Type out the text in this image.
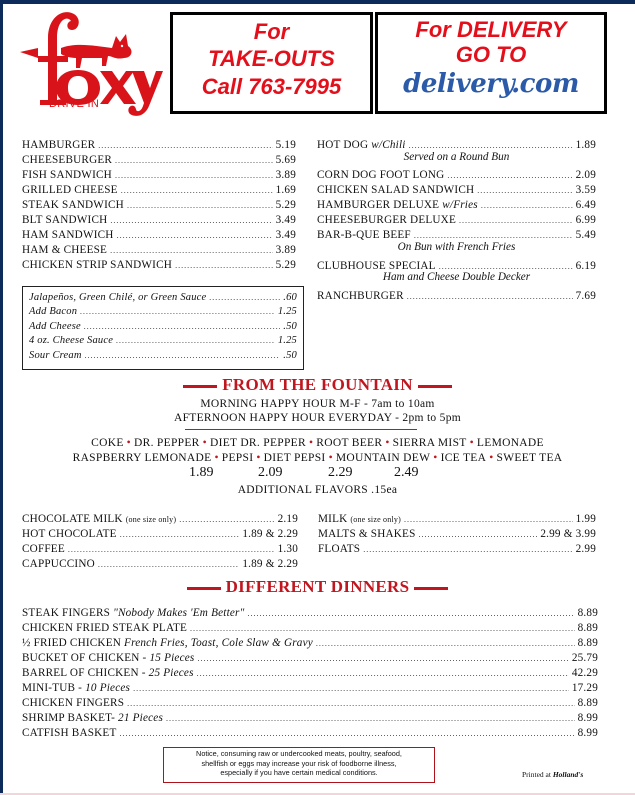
DRIVE IN
For
TAKE-OUTS
Call 763-7995
For DELIVERY
GO TO
delivery.com
HAMBURGER .....	5.19
CHEESEBURGER .....	5.69
FISH SANDWICH .....	3.89
GRILLED CHEESE .....	1.69
STEAK SANDWICH .....	5.29
BLT SANDWICH .....	3.49
HAM SANDWICH .....	3.49
HAM & CHEESE .....	3.89
CHICKEN STRIP SANDWICH .....	5.29
HOT DOG w/Chili .....	1.89
Served on a Round Bun
CORN DOG FOOT LONG .....	2.09
CHICKEN SALAD SANDWICH .....	3.59
HAMBURGER DELUXE w/Fries .....	6.49
CHEESEBURGER DELUXE .....	6.99
BAR-B-QUE BEEF .....	5.49
On Bun with French Fries
CLUBHOUSE SPECIAL .....	6.19
Ham and Cheese Double Decker
RANCHBURGER .....	7.69
Jalapeños, Green Chilé, or Green Sauce .....	.60
Add Bacon .....	1.25
Add Cheese .....	.50
4 oz. Cheese Sauce .....	1.25
Sour Cream .....	.50
FROM THE FOUNTAIN
MORNING HAPPY HOUR M-F - 7am to 10am
AFTERNOON HAPPY HOUR EVERYDAY - 2pm to 5pm
COKE • DR. PEPPER • DIET DR. PEPPER • ROOT BEER • SIERRA MIST • LEMONADE
RASPBERRY LEMONADE • PEPSI • DIET PEPSI • MOUNTAIN DEW • ICE TEA • SWEET TEA
1.89	2.09	2.29	2.49
ADDITIONAL FLAVORS .15ea
CHOCOLATE MILK (one size only) .....	2.19
HOT CHOCOLATE .....	1.89 & 2.29
COFFEE .....	1.30
CAPPUCCINO .....	1.89 & 2.29
MILK (one size only) .....	1.99
MALTS & SHAKES .....	2.99 & 3.99
FLOATS .....	2.99
DIFFERENT DINNERS
STEAK FINGERS "Nobody Makes 'Em Better" .....	8.89
CHICKEN FRIED STEAK PLATE .....	8.89
½ FRIED CHICKEN French Fries, Toast, Cole Slaw & Gravy .....	8.89
BUCKET OF CHICKEN - 15 Pieces .....	25.79
BARREL OF CHICKEN - 25 Pieces .....	42.29
MINI-TUB - 10 Pieces .....	17.29
CHICKEN FINGERS .....	8.89
SHRIMP BASKET- 21 Pieces .....	8.99
CATFISH BASKET .....	8.99
Notice, consuming raw or undercooked meats, poultry, seafood,
shellfish or eggs may increase your risk of foodborne illness,
especially if you have certain medical conditions.	Printed at Holland's
